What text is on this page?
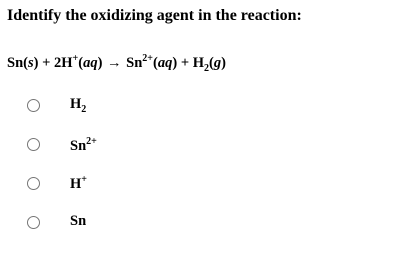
Identify the oxidizing agent in the reaction:

$Sn(s) + 2H^+(aq) \to Sn^{2+}(aq) + H_2(g)$
$H_2$
$Sn^{2+}$
H+
Sn
